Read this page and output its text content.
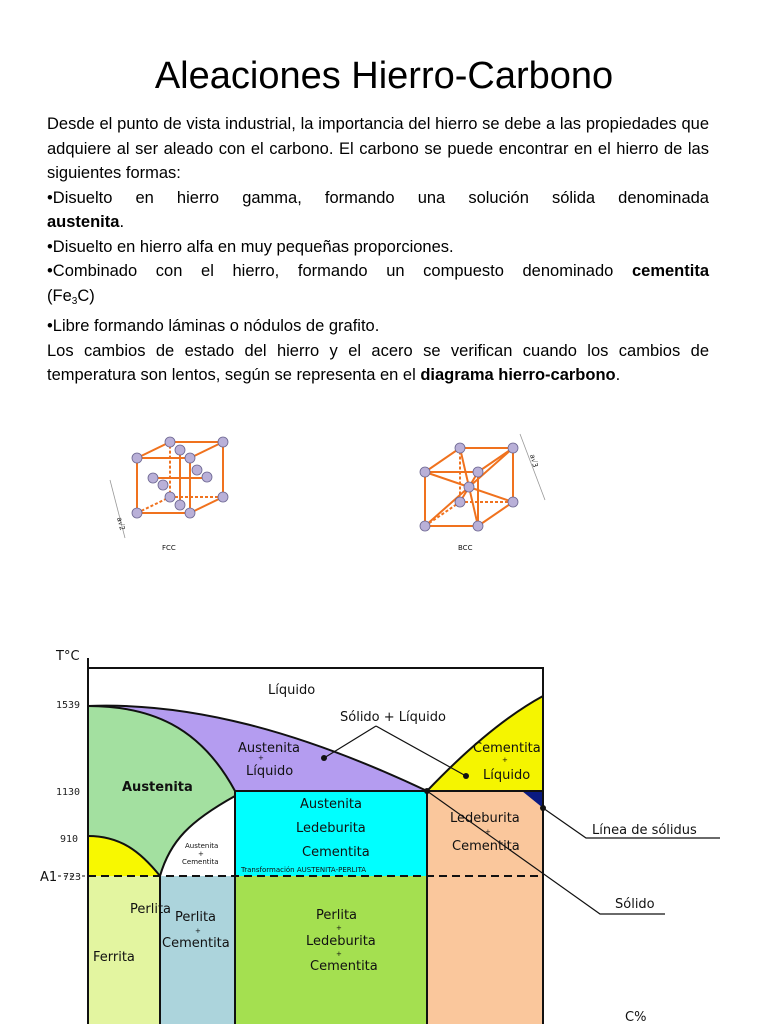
Aleaciones Hierro-Carbono

Desde el punto de vista industrial, la importancia del hierro se debe a las propiedades que adquiere al ser aleado con el carbono. El carbono se puede encontrar en el hierro de las siguientes formas:

•Disuelto en hierro gamma, formando una solución sólida denominada

austenita.

•Disuelto en hierro alfa en muy pequeñas proporciones.

•Combinado con el hierro, formando un compuesto denominado cementita

$(Fe_3C)$

•Libre formando láminas o nódulos de grafito.

Los cambios de estado del hierro y el acero se verifican cuando los cambios de temperatura son lentos, según se representa en el diagrama hierro-carbono.

a√2
FCC
a√3
BCC
T°C
1539
1130
910
A1 723
C%
Líquido
Sólido + Líquido
Austenita
+
Líquido
Cementita
+
Líquido
Austenita
Austenita
Ledeburita
Cementita
Ledeburita
+
Cementita
Austenita
+
Cementita
Transformación AUSTENITA-PERLITA
Perlita
Ferrita
Perlita
+
Cementita
Perlita
+
Ledeburita
+
Cementita
Línea de sólidus
Sólido
